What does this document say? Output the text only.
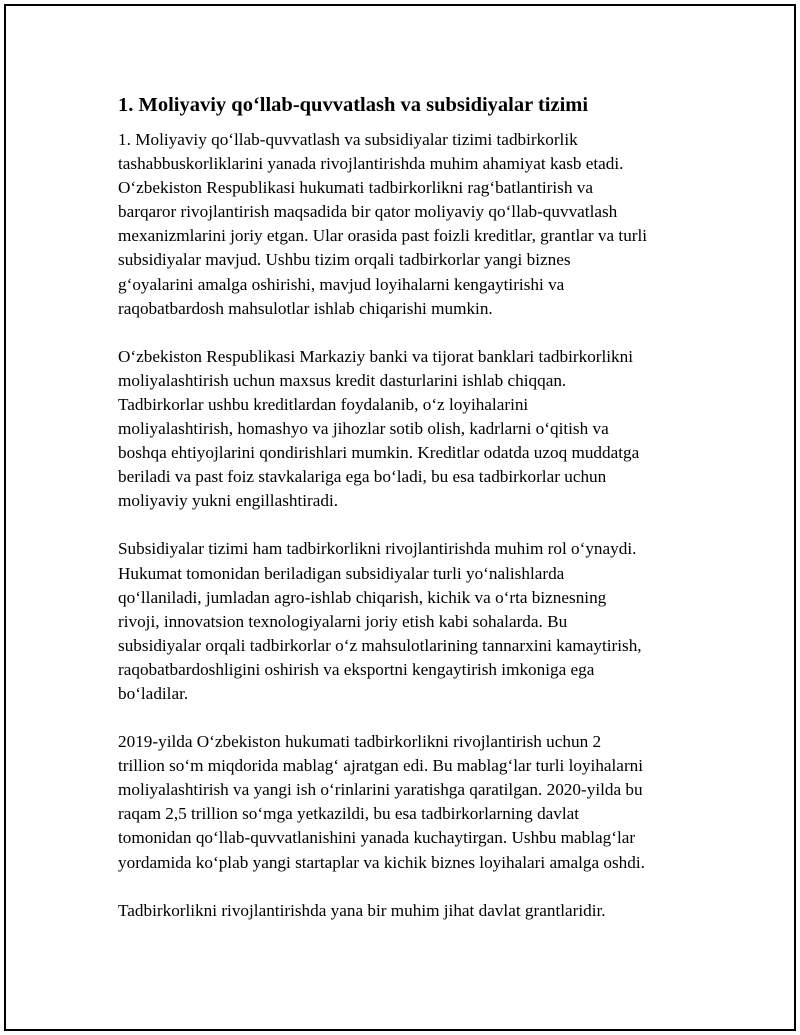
1. Moliyaviy qo‘llab-quvvatlash va subsidiyalar tizimi

1. Moliyaviy qo‘llab-quvvatlash va subsidiyalar tizimi tadbirkorlik
tashabbuskorliklarini yanada rivojlantirishda muhim ahamiyat kasb etadi.
O‘zbekiston Respublikasi hukumati tadbirkorlikni rag‘batlantirish va
barqaror rivojlantirish maqsadida bir qator moliyaviy qo‘llab-quvvatlash
mexanizmlarini joriy etgan. Ular orasida past foizli kreditlar, grantlar va turli
subsidiyalar mavjud. Ushbu tizim orqali tadbirkorlar yangi biznes
g‘oyalarini amalga oshirishi, mavjud loyihalarni kengaytirishi va
raqobatbardosh mahsulotlar ishlab chiqarishi mumkin.

O‘zbekiston Respublikasi Markaziy banki va tijorat banklari tadbirkorlikni
moliyalashtirish uchun maxsus kredit dasturlarini ishlab chiqqan.
Tadbirkorlar ushbu kreditlardan foydalanib, o‘z loyihalarini
moliyalashtirish, homashyo va jihozlar sotib olish, kadrlarni o‘qitish va
boshqa ehtiyojlarini qondirishlari mumkin. Kreditlar odatda uzoq muddatga
beriladi va past foiz stavkalariga ega bo‘ladi, bu esa tadbirkorlar uchun
moliyaviy yukni engillashtiradi.

Subsidiyalar tizimi ham tadbirkorlikni rivojlantirishda muhim rol o‘ynaydi.
Hukumat tomonidan beriladigan subsidiyalar turli yo‘nalishlarda
qo‘llaniladi, jumladan agro-ishlab chiqarish, kichik va o‘rta biznesning
rivoji, innovatsion texnologiyalarni joriy etish kabi sohalarda. Bu
subsidiyalar orqali tadbirkorlar o‘z mahsulotlarining tannarxini kamaytirish,
raqobatbardoshligini oshirish va eksportni kengaytirish imkoniga ega
bo‘ladilar.

2019-yilda O‘zbekiston hukumati tadbirkorlikni rivojlantirish uchun 2
trillion so‘m miqdorida mablag‘ ajratgan edi. Bu mablag‘lar turli loyihalarni
moliyalashtirish va yangi ish o‘rinlarini yaratishga qaratilgan. 2020-yilda bu
raqam 2,5 trillion so‘mga yetkazildi, bu esa tadbirkorlarning davlat
tomonidan qo‘llab-quvvatlanishini yanada kuchaytirgan. Ushbu mablag‘lar
yordamida ko‘plab yangi startaplar va kichik biznes loyihalari amalga oshdi.

Tadbirkorlikni rivojlantirishda yana bir muhim jihat davlat grantlaridir.
